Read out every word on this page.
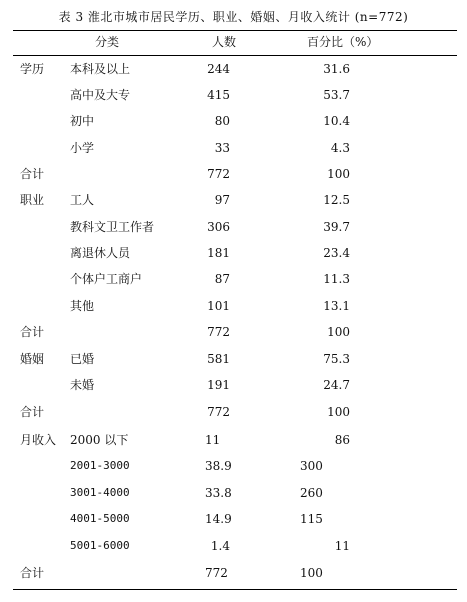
表 3 淮北市城市居民学历、职业、婚姻、月收入统计 (n=772)
分类	人数	百分比（%）
学历 本科及以上	244	31.6
高中及大专	415	53.7
初中	80	10.4
小学	33	4.3
合计	772	100
职业 工人	97	12.5
教科文卫工作者	306	39.7
离退休人员	181	23.4
个体户工商户	87	11.3
其他	101	13.1
合计	772	100
婚姻 已婚	581	75.3
未婚	191	24.7
合计	772	100
月收入 2000 以下	11	86
2001-3000	38.9	300
3001-4000	33.8	260
4001-5000	14.9	115
5001-6000	1.4	11
合计	772	100
